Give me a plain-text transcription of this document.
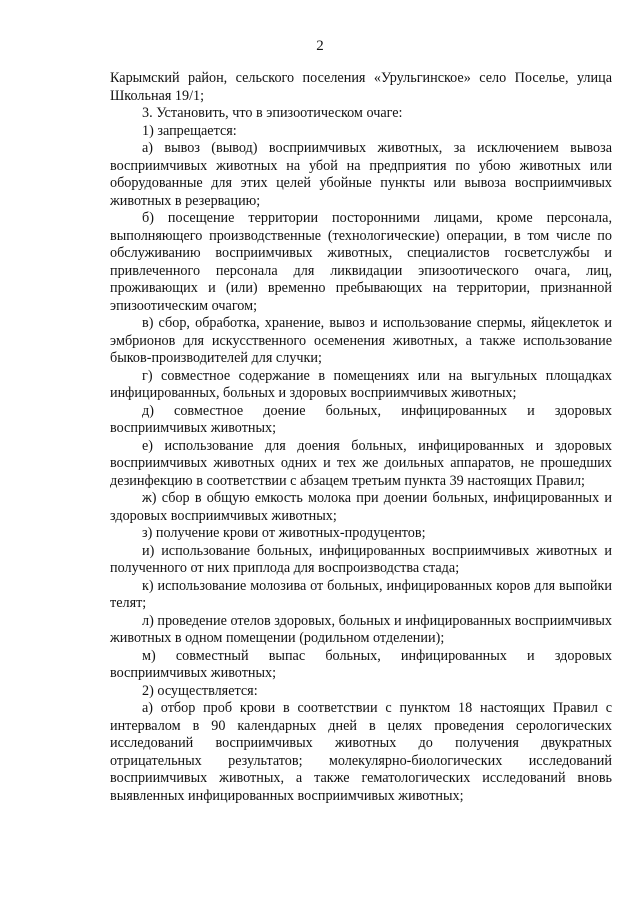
2

Карымский район, сельского поселения «Урульгинское» село Поселье, улица Школьная 19/1;

3. Установить, что в эпизоотическом очаге:

1) запрещается:

а) вывоз (вывод) восприимчивых животных, за исключением вывоза восприимчивых животных на убой на предприятия по убою животных или оборудованные для этих целей убойные пункты или вывоза восприимчивых животных в резервацию;

б) посещение территории посторонними лицами, кроме персонала, выполняющего производственные (технологические) операции, в том числе по обслуживанию восприимчивых животных, специалистов госветслужбы и привлеченного персонала для ликвидации эпизоотического очага, лиц, проживающих и (или) временно пребывающих на территории, признанной эпизоотическим очагом;

в) сбор, обработка, хранение, вывоз и использование спермы, яйцеклеток и эмбрионов для искусственного осеменения животных, а также использование быков-производителей для случки;

г) совместное содержание в помещениях или на выгульных площадках инфицированных, больных и здоровых восприимчивых животных;

д) совместное доение больных, инфицированных и здоровых восприимчивых животных;

е) использование для доения больных, инфицированных и здоровых восприимчивых животных одних и тех же доильных аппаратов, не прошедших дезинфекцию в соответствии с абзацем третьим пункта 39 настоящих Правил;

ж) сбор в общую емкость молока при доении больных, инфицированных и здоровых восприимчивых животных;

з) получение крови от животных-продуцентов;

и) использование больных, инфицированных восприимчивых животных и полученного от них приплода для воспроизводства стада;

к) использование молозива от больных, инфицированных коров для выпойки телят;

л) проведение отелов здоровых, больных и инфицированных восприимчивых животных в одном помещении (родильном отделении);

м) совместный выпас больных, инфицированных и здоровых восприимчивых животных;

2) осуществляется:

а) отбор проб крови в соответствии с пунктом 18 настоящих Правил с интервалом в 90 календарных дней в целях проведения серологических исследований восприимчивых животных до получения двукратных отрицательных результатов; молекулярно-биологических исследований восприимчивых животных, а также гематологических исследований вновь выявленных инфицированных восприимчивых животных;
